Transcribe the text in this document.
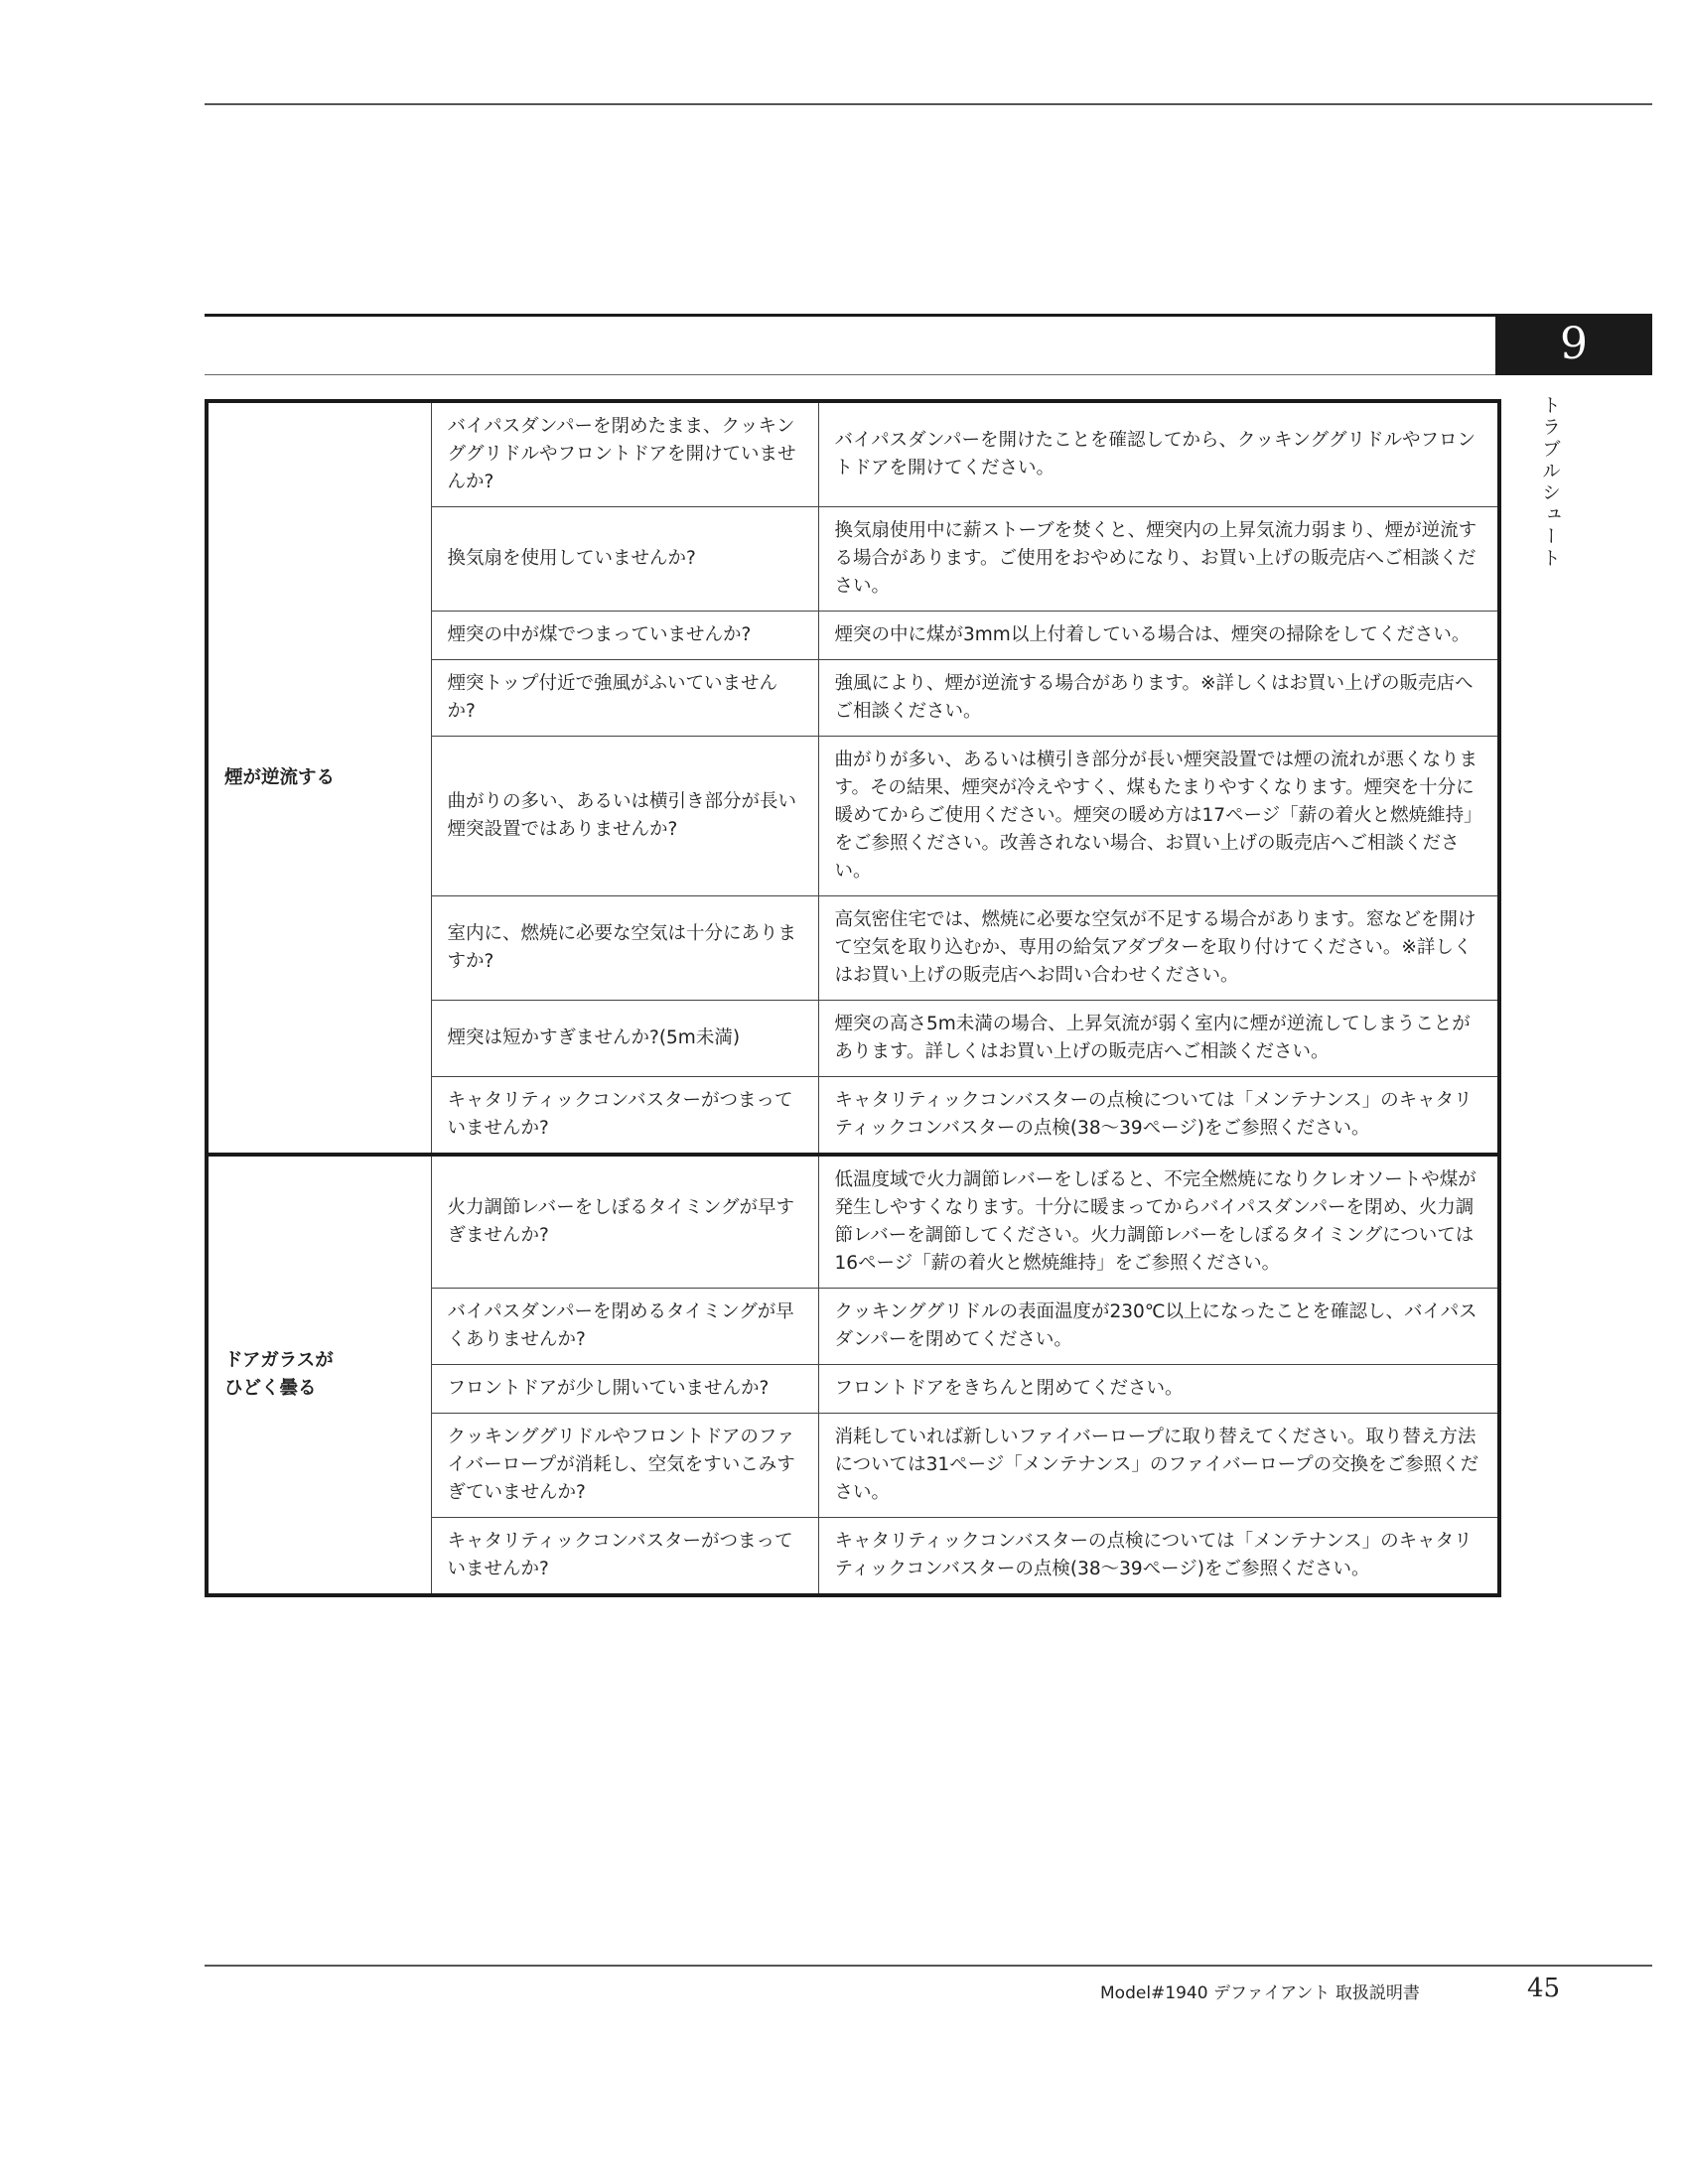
9
トラブルシュート
煙が逆流する	バイパスダンパーを閉めたまま、クッキンググリドルやフロントドアを開けていませんか?	バイパスダンパーを開けたことを確認してから、クッキンググリドルやフロントドアを開けてください。
	換気扇を使用していませんか?	換気扇使用中に薪ストーブを焚くと、煙突内の上昇気流力弱まり、煙が逆流する場合があります。ご使用をおやめになり、お買い上げの販売店へご相談ください。
	煙突の中が煤でつまっていませんか?	煙突の中に煤が3mm以上付着している場合は、煙突の掃除をしてください。
	煙突トップ付近で強風がふいていませんか?	強風により、煙が逆流する場合があります。※詳しくはお買い上げの販売店へご相談ください。
	曲がりの多い、あるいは横引き部分が長い煙突設置ではありませんか?	曲がりが多い、あるいは横引き部分が長い煙突設置では煙の流れが悪くなります。その結果、煙突が冷えやすく、煤もたまりやすくなります。煙突を十分に暖めてからご使用ください。煙突の暖め方は17ページ「薪の着火と燃焼維持」をご参照ください。改善されない場合、お買い上げの販売店へご相談ください。
	室内に、燃焼に必要な空気は十分にありますか?	高気密住宅では、燃焼に必要な空気が不足する場合があります。窓などを開けて空気を取り込むか、専用の給気アダプターを取り付けてください。※詳しくはお買い上げの販売店へお問い合わせください。
	煙突は短かすぎませんか?(5m未満)	煙突の高さ5m未満の場合、上昇気流が弱く室内に煙が逆流してしまうことがあります。詳しくはお買い上げの販売店へご相談ください。
	キャタリティックコンバスターがつまっていませんか?	キャタリティックコンバスターの点検については「メンテナンス」のキャタリティックコンバスターの点検(38〜39ページ)をご参照ください。
ドアガラスが
ひどく曇る	火力調節レバーをしぼるタイミングが早すぎませんか?	低温度域で火力調節レバーをしぼると、不完全燃焼になりクレオソートや煤が発生しやすくなります。十分に暖まってからバイパスダンパーを閉め、火力調節レバーを調節してください。火力調節レバーをしぼるタイミングについては16ページ「薪の着火と燃焼維持」をご参照ください。
	バイパスダンパーを閉めるタイミングが早くありませんか?	クッキンググリドルの表面温度が230℃以上になったことを確認し、バイパスダンパーを閉めてください。
	フロントドアが少し開いていませんか?	フロントドアをきちんと閉めてください。
	クッキンググリドルやフロントドアのファイバーロープが消耗し、空気をすいこみすぎていませんか?	消耗していれば新しいファイバーロープに取り替えてください。取り替え方法については31ページ「メンテナンス」のファイバーロープの交換をご参照ください。
	キャタリティックコンバスターがつまっていませんか?	キャタリティックコンバスターの点検については「メンテナンス」のキャタリティックコンバスターの点検(38〜39ページ)をご参照ください。
Model#1940 デファイアント 取扱説明書	45
